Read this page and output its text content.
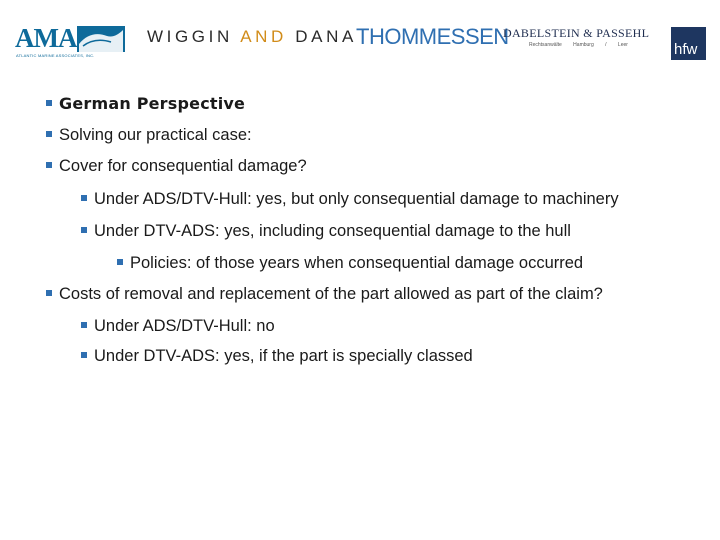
AMA
ATLANTIC MARINE ASSOCIATES, INC.
WIGGIN AND DANA THOMMESSEN
DABELSTEIN & PASSEHL
Rechtsanwälte Hamburg / Leer	hfw
German Perspective
Solving our practical case:
Cover for consequential damage?
Under ADS/DTV-Hull: yes, but only consequential damage to machinery
Under DTV-ADS: yes, including consequential damage to the hull
Policies: of those years when consequential damage occurred
Costs of removal and replacement of the part allowed as part of the claim?
Under ADS/DTV-Hull: no
Under DTV-ADS: yes, if the part is specially classed
